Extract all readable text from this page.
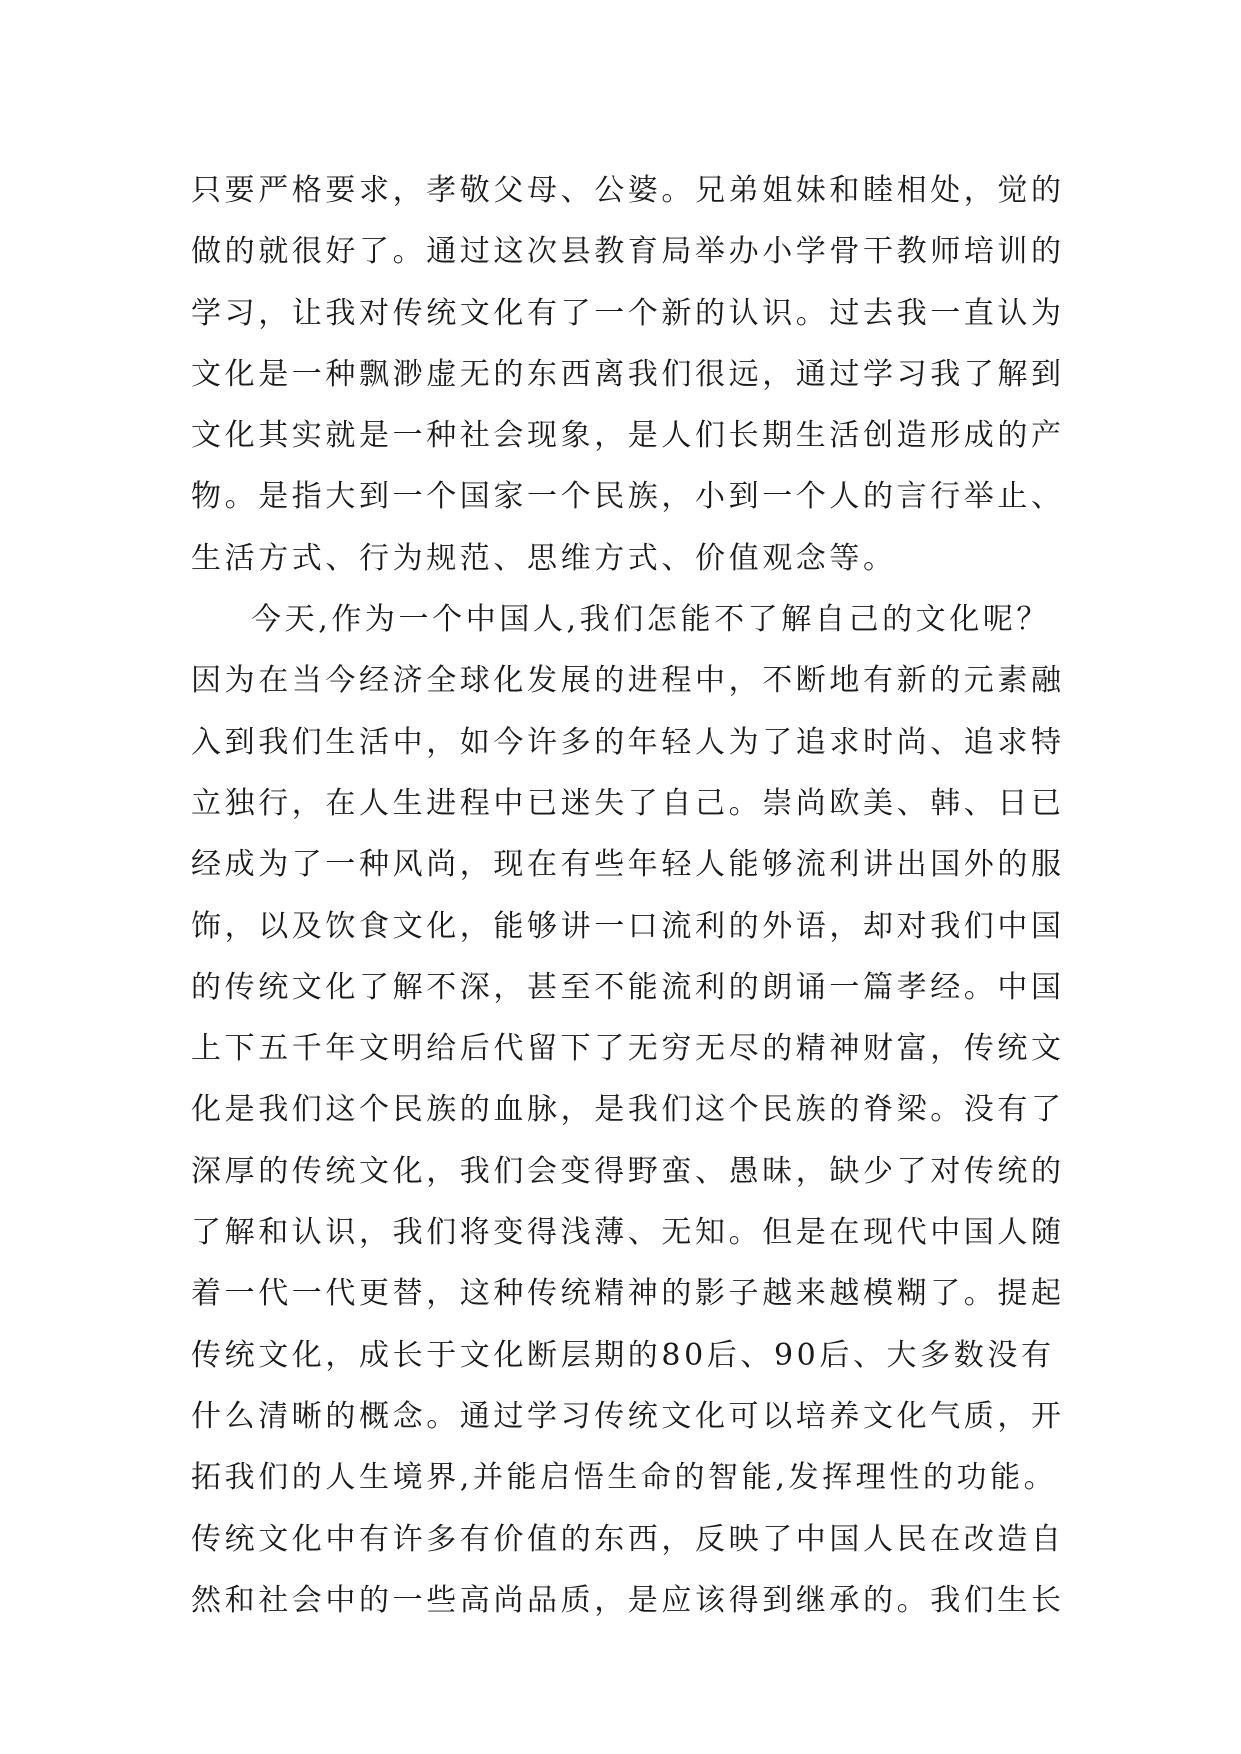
只要严格要求，孝敬父母、公婆。兄弟姐妹和睦相处，觉的
做的就很好了。通过这次县教育局举办小学骨干教师培训的
学习，让我对传统文化有了一个新的认识。过去我一直认为
文化是一种飘渺虚无的东西离我们很远，通过学习我了解到
文化其实就是一种社会现象，是人们长期生活创造形成的产
物。是指大到一个国家一个民族，小到一个人的言行举止、
生活方式、行为规范、思维方式、价值观念等。
今天,作为一个中国人,我们怎能不了解自己的文化呢？
因为在当今经济全球化发展的进程中，不断地有新的元素融
入到我们生活中，如今许多的年轻人为了追求时尚、追求特
立独行，在人生进程中已迷失了自己。崇尚欧美、韩、日已
经成为了一种风尚，现在有些年轻人能够流利讲出国外的服
饰，以及饮食文化，能够讲一口流利的外语，却对我们中国
的传统文化了解不深，甚至不能流利的朗诵一篇孝经。中国
上下五千年文明给后代留下了无穷无尽的精神财富，传统文
化是我们这个民族的血脉，是我们这个民族的脊梁。没有了
深厚的传统文化，我们会变得野蛮、愚昧，缺少了对传统的
了解和认识，我们将变得浅薄、无知。但是在现代中国人随
着一代一代更替，这种传统精神的影子越来越模糊了。提起
传统文化，成长于文化断层期的80后、90后、大多数没有
什么清晰的概念。通过学习传统文化可以培养文化气质，开
拓我们的人生境界,并能启悟生命的智能,发挥理性的功能。
传统文化中有许多有价值的东西，反映了中国人民在改造自
然和社会中的一些高尚品质，是应该得到继承的。我们生长
